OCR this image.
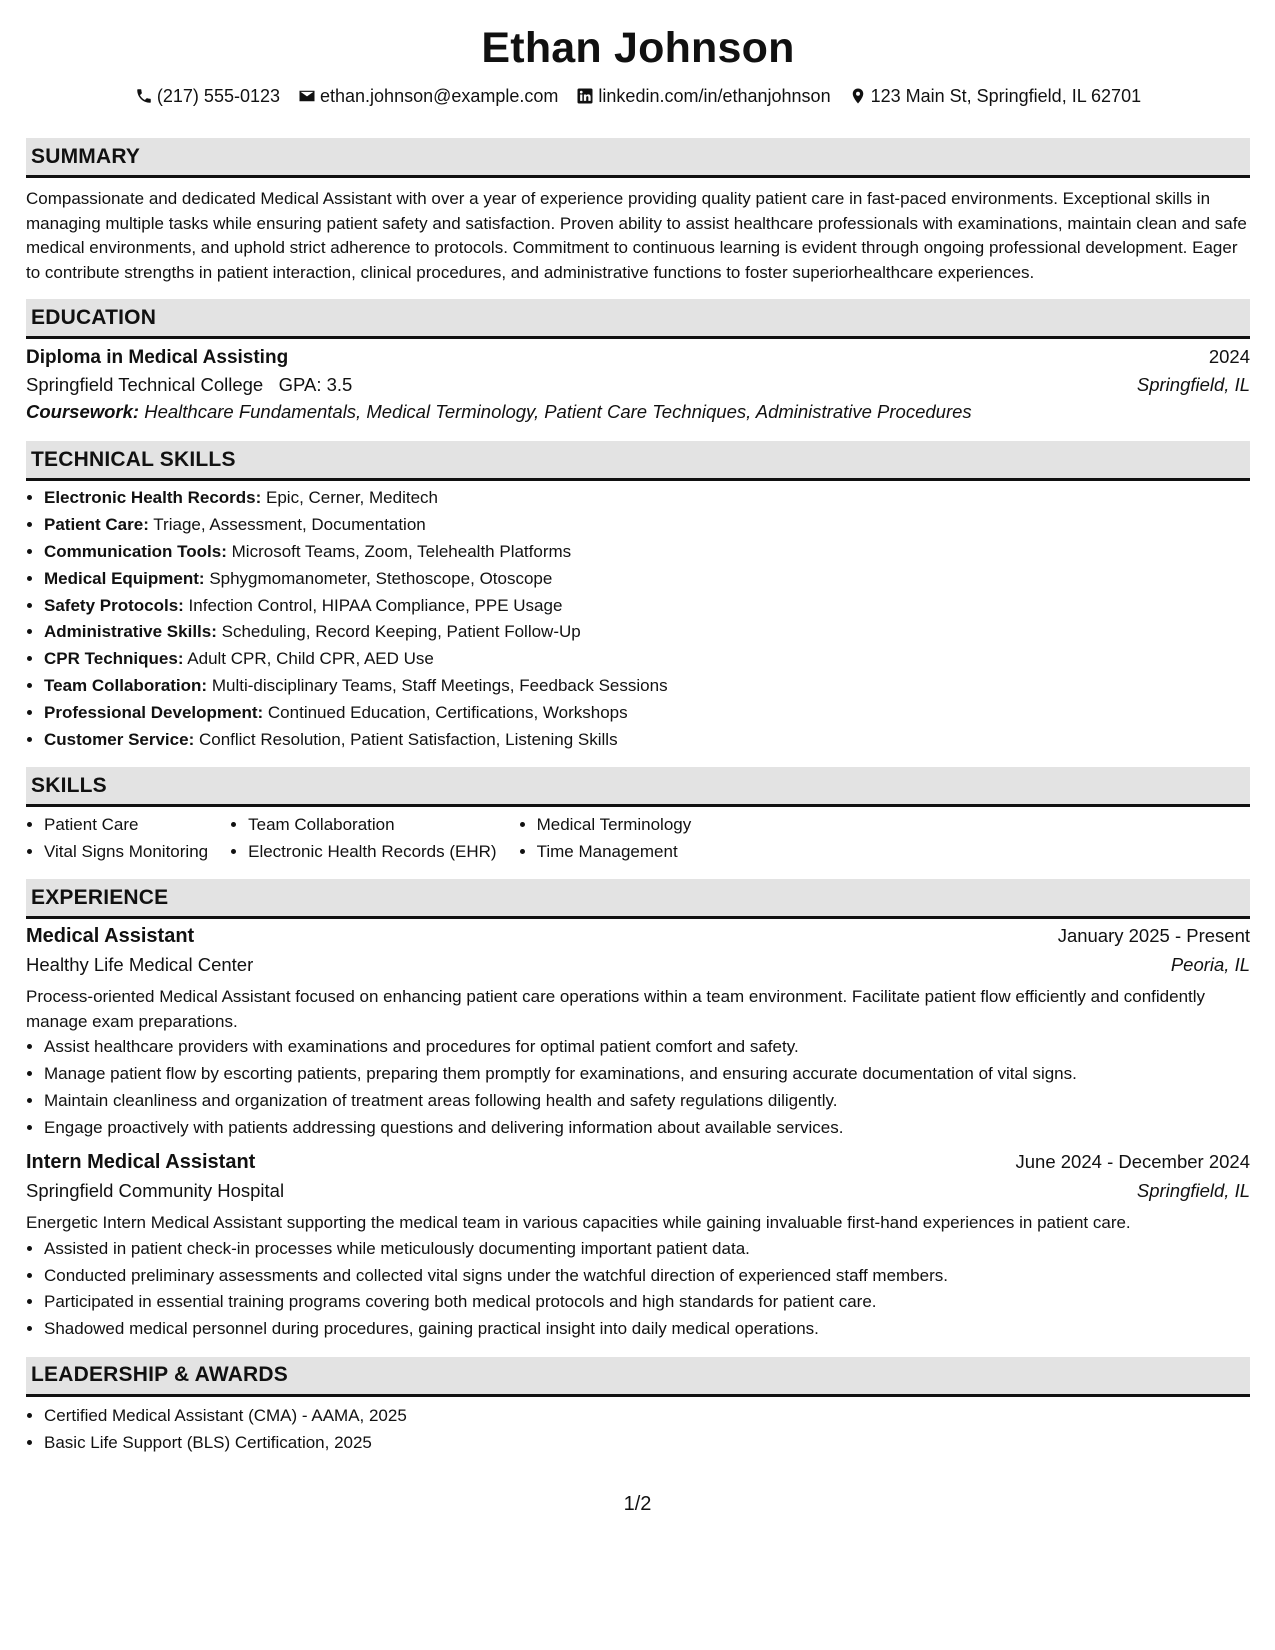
Ethan Johnson
(217) 555-0123 ethan.johnson@example.com linkedin.com/in/ethanjohnson 123 Main St, Springfield, IL 62701
SUMMARY
Compassionate and dedicated Medical Assistant with over a year of experience providing quality patient care in fast-paced environments. Exceptional skills in managing multiple tasks while ensuring patient safety and satisfaction. Proven ability to assist healthcare professionals with examinations, maintain clean and safe medical environments, and uphold strict adherence to protocols. Commitment to continuous learning is evident through ongoing professional development. Eager to contribute strengths in patient interaction, clinical procedures, and administrative functions to foster superiorhealthcare experiences.
EDUCATION
Diploma in Medical Assisting	2024
Springfield Technical College GPA: 3.5	Springfield, IL
Coursework: Healthcare Fundamentals, Medical Terminology, Patient Care Techniques, Administrative Procedures
TECHNICAL SKILLS
• Electronic Health Records: Epic, Cerner, Meditech
• Patient Care: Triage, Assessment, Documentation
• Communication Tools: Microsoft Teams, Zoom, Telehealth Platforms
• Medical Equipment: Sphygmomanometer, Stethoscope, Otoscope
• Safety Protocols: Infection Control, HIPAA Compliance, PPE Usage
• Administrative Skills: Scheduling, Record Keeping, Patient Follow-Up
• CPR Techniques: Adult CPR, Child CPR, AED Use
• Team Collaboration: Multi-disciplinary Teams, Staff Meetings, Feedback Sessions
• Professional Development: Continued Education, Certifications, Workshops
• Customer Service: Conflict Resolution, Patient Satisfaction, Listening Skills
SKILLS
• Patient Care
• Vital Signs Monitoring
• Team Collaboration
• Electronic Health Records (EHR)
• Medical Terminology
• Time Management
EXPERIENCE
Medical Assistant	January 2025 - Present
Healthy Life Medical Center	Peoria, IL
Process-oriented Medical Assistant focused on enhancing patient care operations within a team environment. Facilitate patient flow efficiently and confidently manage exam preparations.
• Assist healthcare providers with examinations and procedures for optimal patient comfort and safety.
• Manage patient flow by escorting patients, preparing them promptly for examinations, and ensuring accurate documentation of vital signs.
• Maintain cleanliness and organization of treatment areas following health and safety regulations diligently.
• Engage proactively with patients addressing questions and delivering information about available services.
Intern Medical Assistant	June 2024 - December 2024
Springfield Community Hospital	Springfield, IL
Energetic Intern Medical Assistant supporting the medical team in various capacities while gaining invaluable first-hand experiences in patient care.
• Assisted in patient check-in processes while meticulously documenting important patient data.
• Conducted preliminary assessments and collected vital signs under the watchful direction of experienced staff members.
• Participated in essential training programs covering both medical protocols and high standards for patient care.
• Shadowed medical personnel during procedures, gaining practical insight into daily medical operations.
LEADERSHIP & AWARDS
• Certified Medical Assistant (CMA) - AAMA, 2025
• Basic Life Support (BLS) Certification, 2025
1/2
